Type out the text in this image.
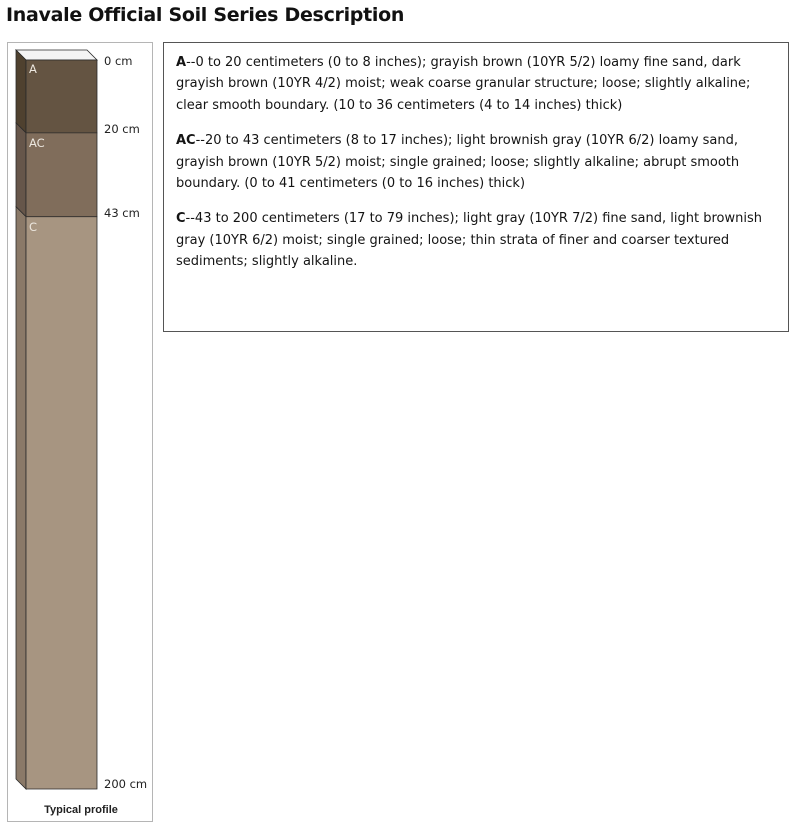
Inavale Official Soil Series Description
A
AC
C
0 cm
20 cm
43 cm
200 cm
Typical profile

A--0 to 20 centimeters (0 to 8 inches); grayish brown (10YR 5/2) loamy fine sand, dark grayish brown (10YR 4/2) moist; weak coarse granular structure; loose; slightly alkaline; clear smooth boundary. (10 to 36 centimeters (4 to 14 inches) thick)

AC--20 to 43 centimeters (8 to 17 inches); light brownish gray (10YR 6/2) loamy sand, grayish brown (10YR 5/2) moist; single grained; loose; slightly alkaline; abrupt smooth boundary. (0 to 41 centimeters (0 to 16 inches) thick)

C--43 to 200 centimeters (17 to 79 inches); light gray (10YR 7/2) fine sand, light brownish gray (10YR 6/2) moist; single grained; loose; thin strata of finer and coarser textured sediments; slightly alkaline.
